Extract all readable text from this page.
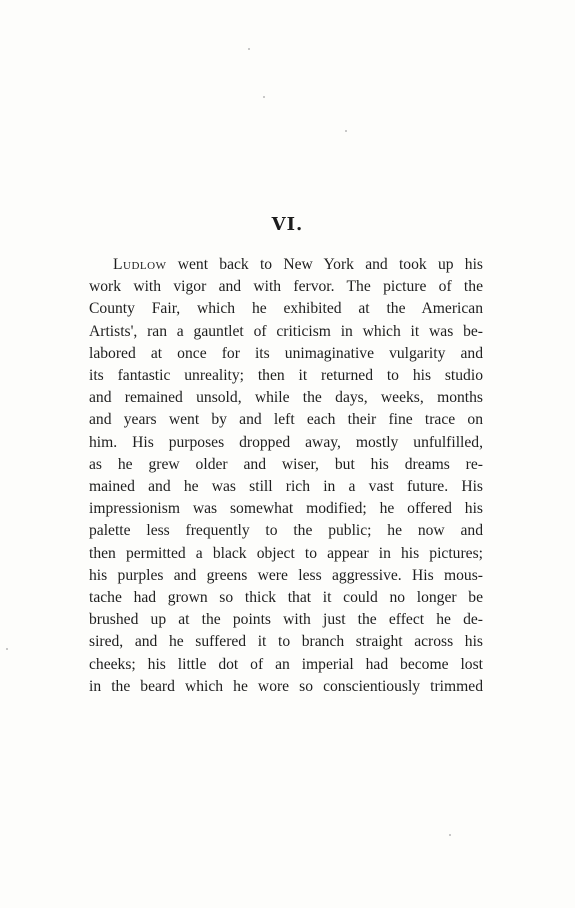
VI.
Ludlow went back to New York and took up his
work with vigor and with fervor. The picture of the
County Fair, which he exhibited at the American
Artists', ran a gauntlet of criticism in which it was be-
labored at once for its unimaginative vulgarity and
its fantastic unreality; then it returned to his studio
and remained unsold, while the days, weeks, months
and years went by and left each their fine trace on
him. His purposes dropped away, mostly unfulfilled,
as he grew older and wiser, but his dreams re-
mained and he was still rich in a vast future. His
impressionism was somewhat modified; he offered his
palette less frequently to the public; he now and
then permitted a black object to appear in his pictures;
his purples and greens were less aggressive. His mous-
tache had grown so thick that it could no longer be
brushed up at the points with just the effect he de-
sired, and he suffered it to branch straight across his
cheeks; his little dot of an imperial had become lost
in the beard which he wore so conscientiously trimmed
